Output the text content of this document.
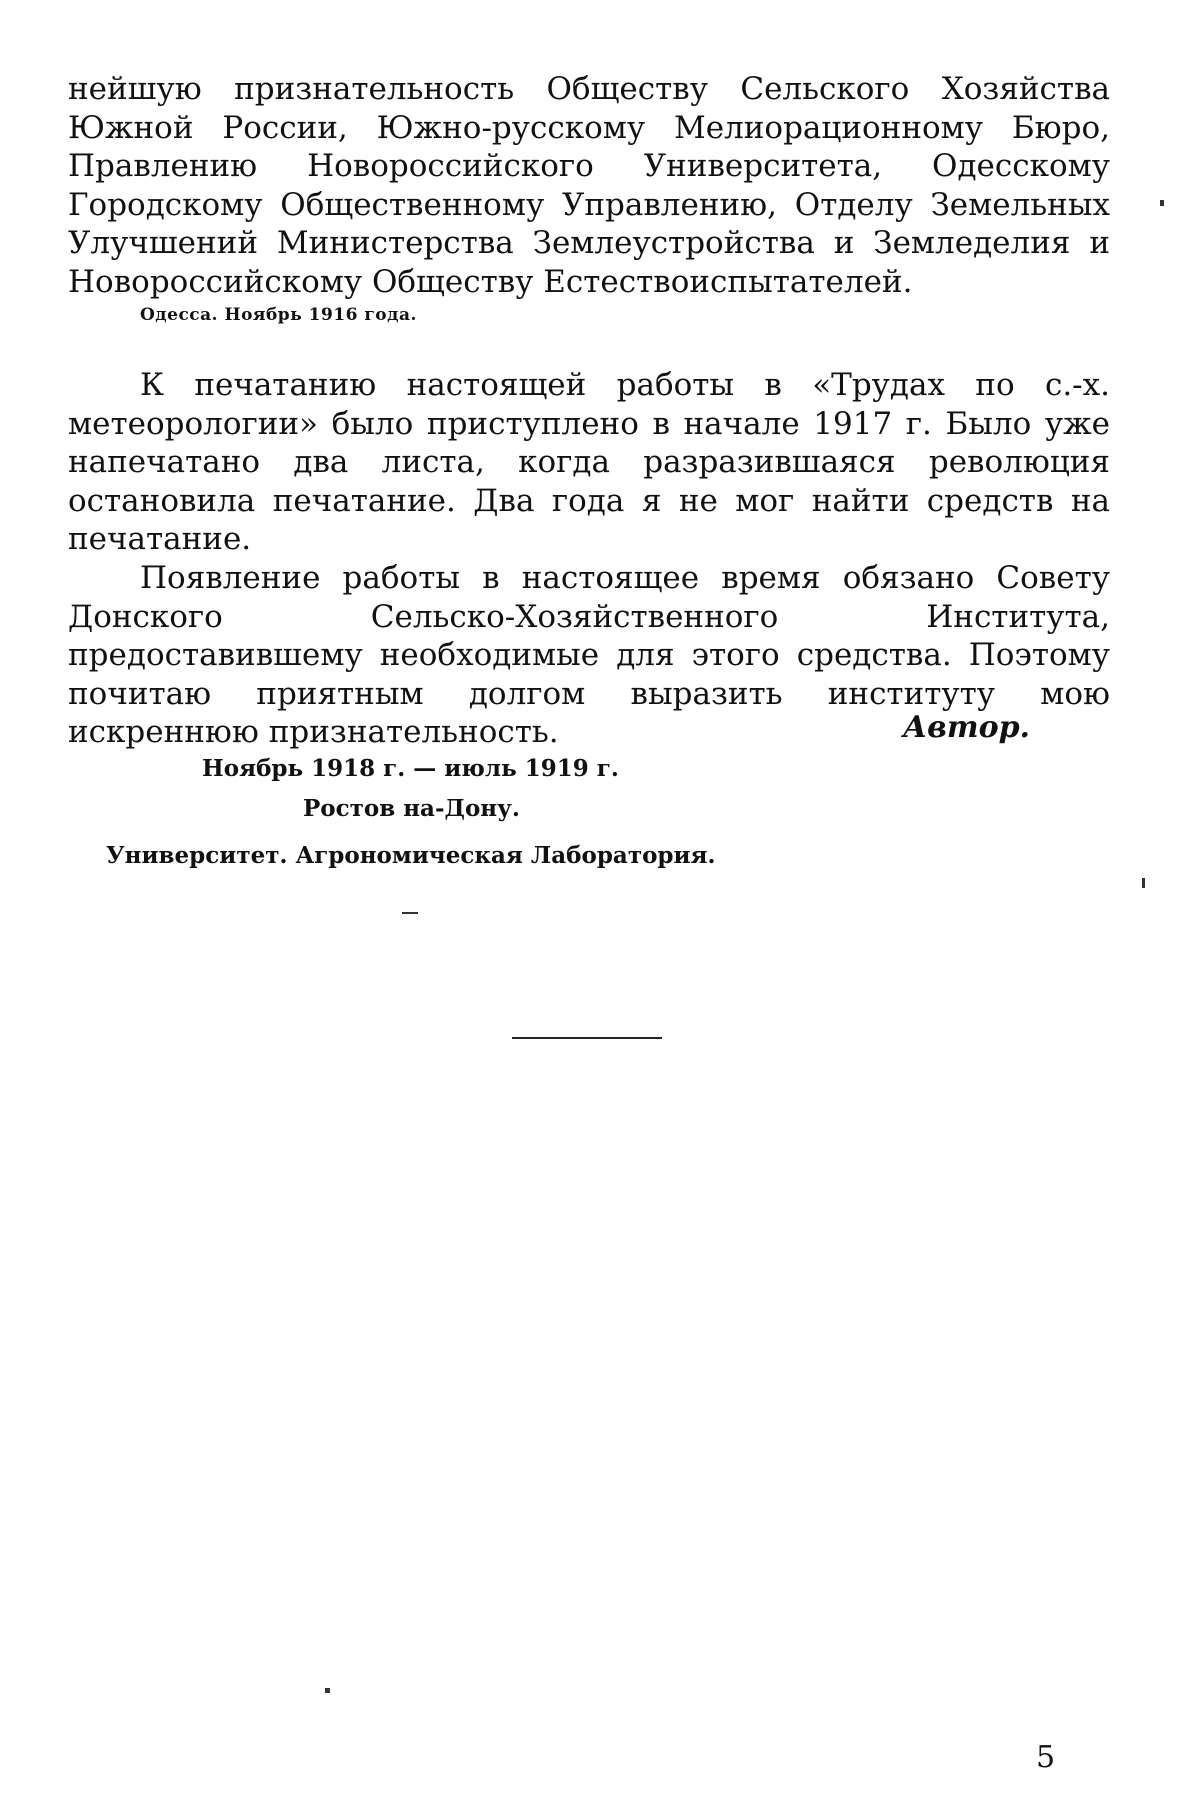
нейшую признательность Обществу Сельского Хозяйства Южной России, Южно-русскому Мелиорационному Бюро, Правлению Новороссийского Университета, Одесскому Городскому Общественному Управлению, Отделу Земельных Улучшений Министерства Землеустройства и Земледелия и Новороссийскому Обществу Естествоиспытателей.

Одесса. Ноябрь 1916 года.

К печатанию настоящей работы в «Трудах по с.-х. метеорологии» было приступлено в начале 1917 г. Было уже напечатано два листа, когда разразившаяся революция остановила печатание. Два года я не мог найти средств на печатание.

Появление работы в настоящее время обязано Совету Донского Сельско-Хозяйственного Института, предоставившему необходимые для этого средства. Поэтому почитаю приятным долгом выразить институту мою искреннюю признательность.	Автор.

Ноябрь 1918 г. — июль 1919 г.

Ростов на-Дону.

Университет. Агрономическая Лаборатория.

5
